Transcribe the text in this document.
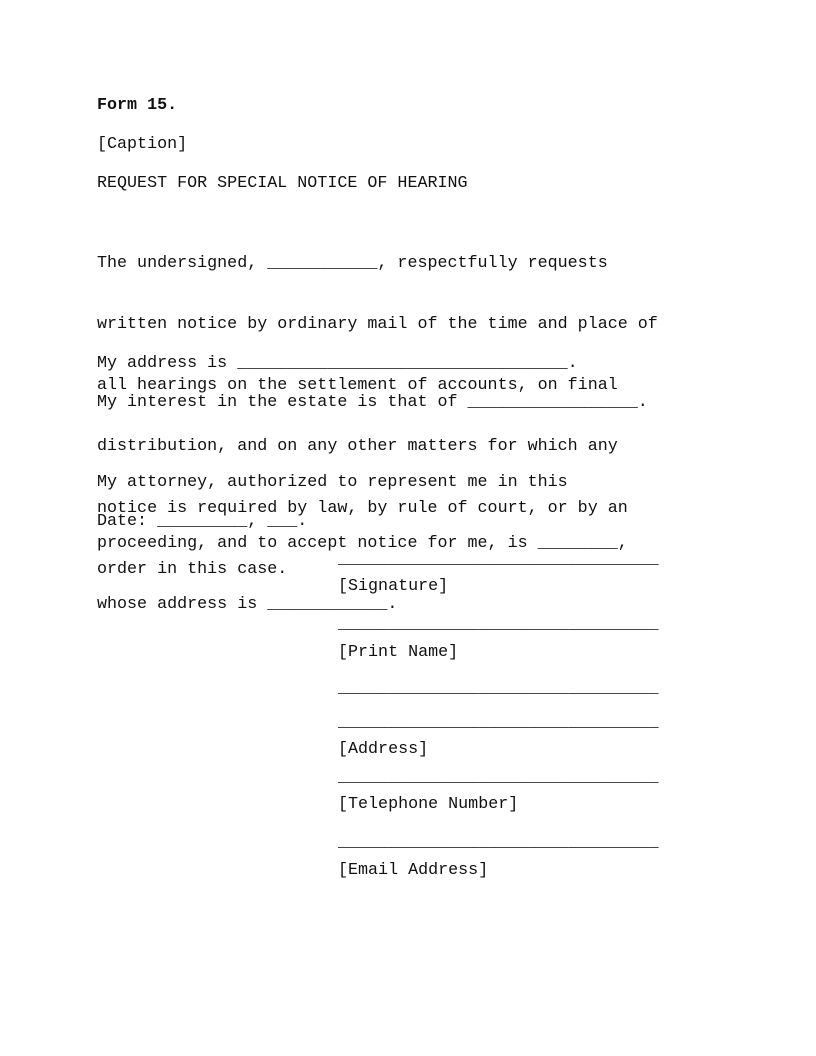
Form 15.
[Caption]
REQUEST FOR SPECIAL NOTICE OF HEARING

The undersigned, ___________, respectfully requests

written notice by ordinary mail of the time and place of

all hearings on the settlement of accounts, on final

distribution, and on any other matters for which any

notice is required by law, by rule of court, or by an

order in this case.

My address is _________________________________.
My interest in the estate is that of _________________.

My attorney, authorized to represent me in this

proceeding, and to accept notice for me, is ________,

whose address is ____________.

Date: _________, ___.
________________________________
[Signature]
________________________________
[Print Name]
________________________________
________________________________
[Address]
________________________________
[Telephone Number]
________________________________
[Email Address]
